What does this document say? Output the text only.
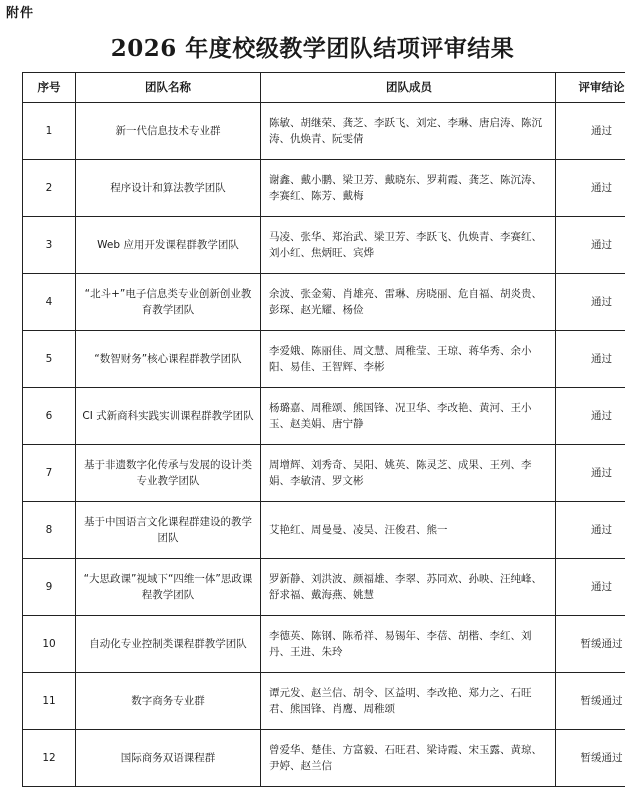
附件
2026 年度校级教学团队结项评审结果
序号	团队名称	团队成员	评审结论
1	新一代信息技术专业群	陈敏、胡继荣、龚芝、李跃飞、刘定、李琳、唐启涛、陈沉涛、仇焕青、阮雯倩	通过
2	程序设计和算法教学团队	谢鑫、戴小鹏、梁卫芳、戴晓东、罗莉霞、龚芝、陈沉涛、李赛红、陈芳、戴梅	通过
3	Web 应用开发课程群教学团队	马凌、张华、郑治武、梁卫芳、李跃飞、仇焕青、李赛红、刘小红、焦炳旺、宾烨	通过
4	“北斗+”电子信息类专业创新创业教育教学团队	余波、张金菊、肖雄亮、雷琳、房晓丽、危自福、胡炎贵、彭琛、赵光耀、杨俭	通过
5	“数智财务”核心课程群教学团队	李爱娥、陈丽佳、周文慧、周稚莹、王琼、蒋华秀、余小阳、易佳、王智辉、李彬	通过
6	CI 式新商科实践实训课程群教学团队	杨璐嘉、周稚颂、熊国锋、况卫华、李改艳、黄河、王小玉、赵美娟、唐宁静	通过
7	基于非遗数字化传承与发展的设计类专业教学团队	周增辉、刘秀奇、吴阳、姚英、陈灵芝、成果、王列、李娟、李敏清、罗文彬	通过
8	基于中国语言文化课程群建设的教学团队	艾艳红、周曼曼、凌昊、汪俊君、熊一	通过
9	“大思政课”视域下“四维一体”思政课程教学团队	罗新静、刘洪波、颜福雄、李翠、苏同欢、孙映、汪纯峰、舒求福、戴海燕、姚慧	通过
10	自动化专业控制类课程群教学团队	李德英、陈钢、陈希祥、易锡年、李蓓、胡楷、李红、刘丹、王进、朱玲	暂缓通过
11	数字商务专业群	谭元发、赵兰信、胡令、区益明、李改艳、郑力之、石旺君、熊国锋、肖鹰、周稚颂	暂缓通过
12	国际商务双语课程群	曾爱华、楚佳、方富毅、石旺君、梁诗霞、宋玉露、黄琼、尹婷、赵兰信	暂缓通过
